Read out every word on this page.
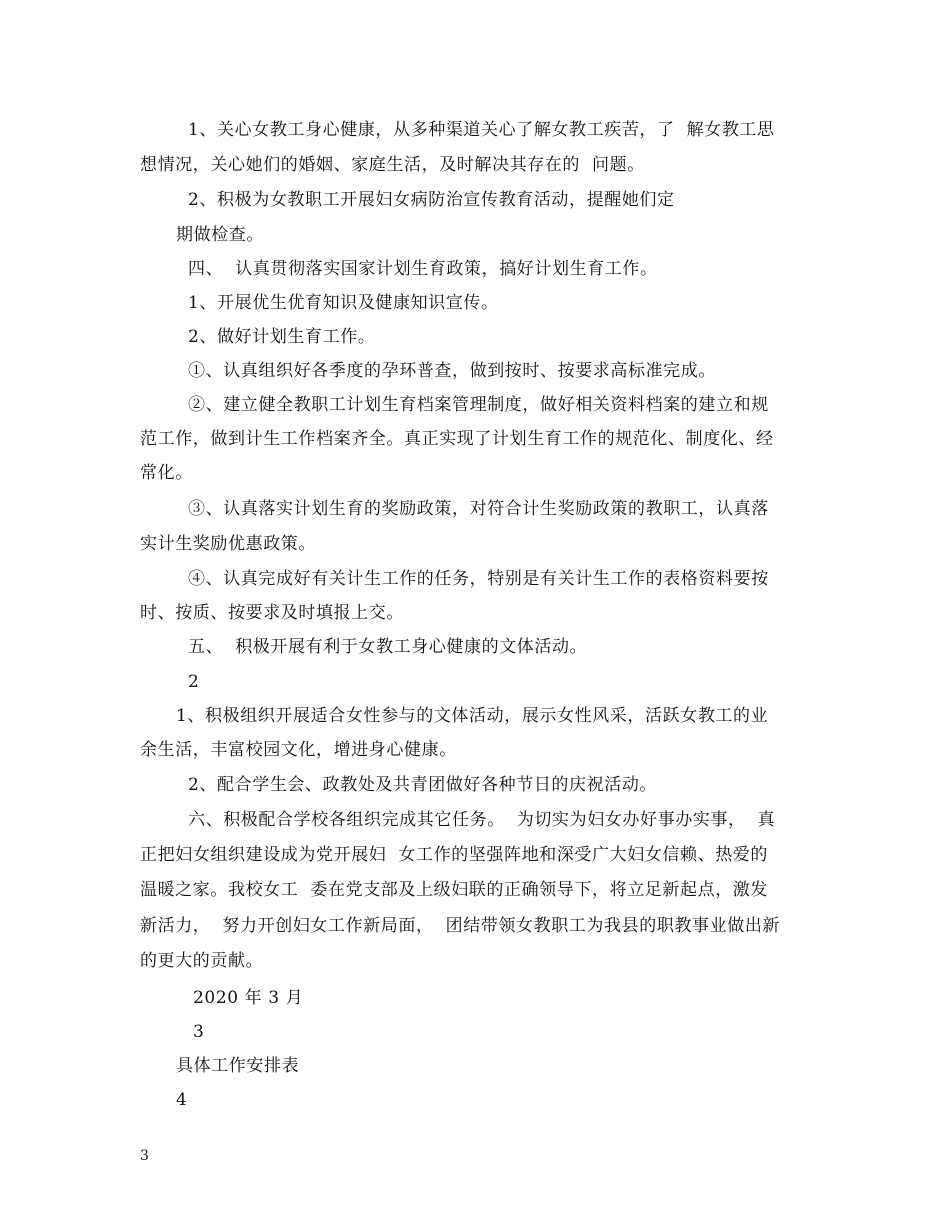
1、关心女教工身心健康，从多种渠道关心了解女教工疾苦，了  解女教工思
想情况，关心她们的婚姻、家庭生活，及时解决其存在的  问题。
2、积极为女教职工开展妇女病防治宣传教育活动，提醒她们定
期做检查。
四、  认真贯彻落实国家计划生育政策，搞好计划生育工作。
1、开展优生优育知识及健康知识宣传。
2、做好计划生育工作。
①、认真组织好各季度的孕环普查，做到按时、按要求高标准完成。
②、建立健全教职工计划生育档案管理制度，做好相关资料档案的建立和规
范工作，做到计生工作档案齐全。真正实现了计划生育工作的规范化、制度化、经
常化。
③、认真落实计划生育的奖励政策，对符合计生奖励政策的教职工，认真落
实计生奖励优惠政策。
④、认真完成好有关计生工作的任务，特别是有关计生工作的表格资料要按
时、按质、按要求及时填报上交。
五、  积极开展有利于女教工身心健康的文体活动。
2
1、积极组织开展适合女性参与的文体活动，展示女性风采，活跃女教工的业
余生活，丰富校园文化，增进身心健康。
2、配合学生会、政教处及共青团做好各种节日的庆祝活动。
六、积极配合学校各组织完成其它任务。  为切实为妇女办好事办实事，  真
正把妇女组织建设成为党开展妇  女工作的坚强阵地和深受广大妇女信赖、热爱的
温暖之家。我校女工  委在党支部及上级妇联的正确领导下，将立足新起点，激发
新活力，  努力开创妇女工作新局面，  团结带领女教职工为我县的职教事业做出新
的更大的贡献。
2020 年 3 月
3
具体工作安排表
4
3
